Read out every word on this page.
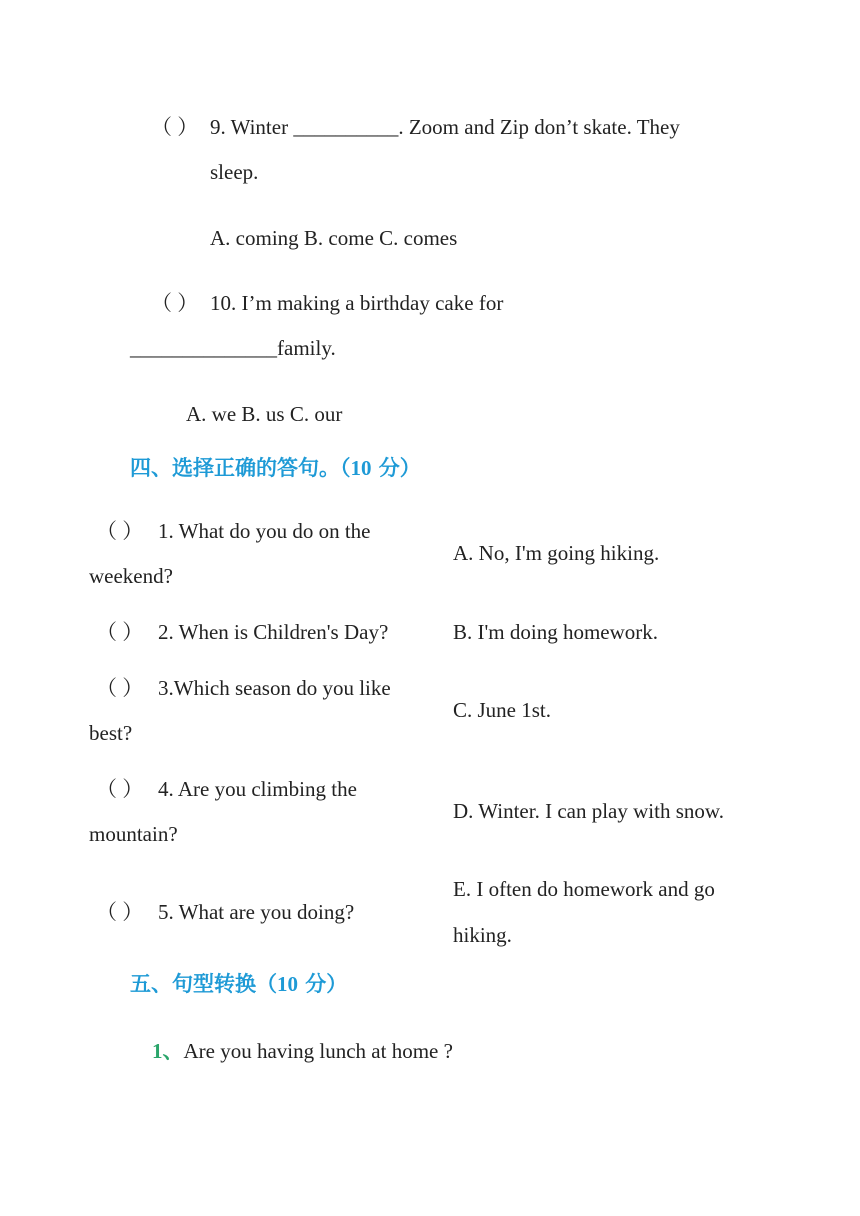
（ ） 9. Winter __________. Zoom and Zip don’t skate. They
sleep.
A. coming B. come C. comes
（ ） 10. I’m making a birthday cake for
______________family.
A. we B. us C. our
四、选择正确的答句。（10 分）
（ ） 1. What do you do on the
weekend?
（ ） 2. When is Children's Day?
（ ） 3.Which season do you like
best?
（ ） 4. Are you climbing the
mountain?
（ ） 5. What are you doing?
A. No, I'm going hiking.
B. I'm doing homework.
C. June 1st.
D. Winter. I can play with snow.
E. I often do homework and go
hiking.
五、句型转换（10 分）
1、Are you having lunch at home ?
